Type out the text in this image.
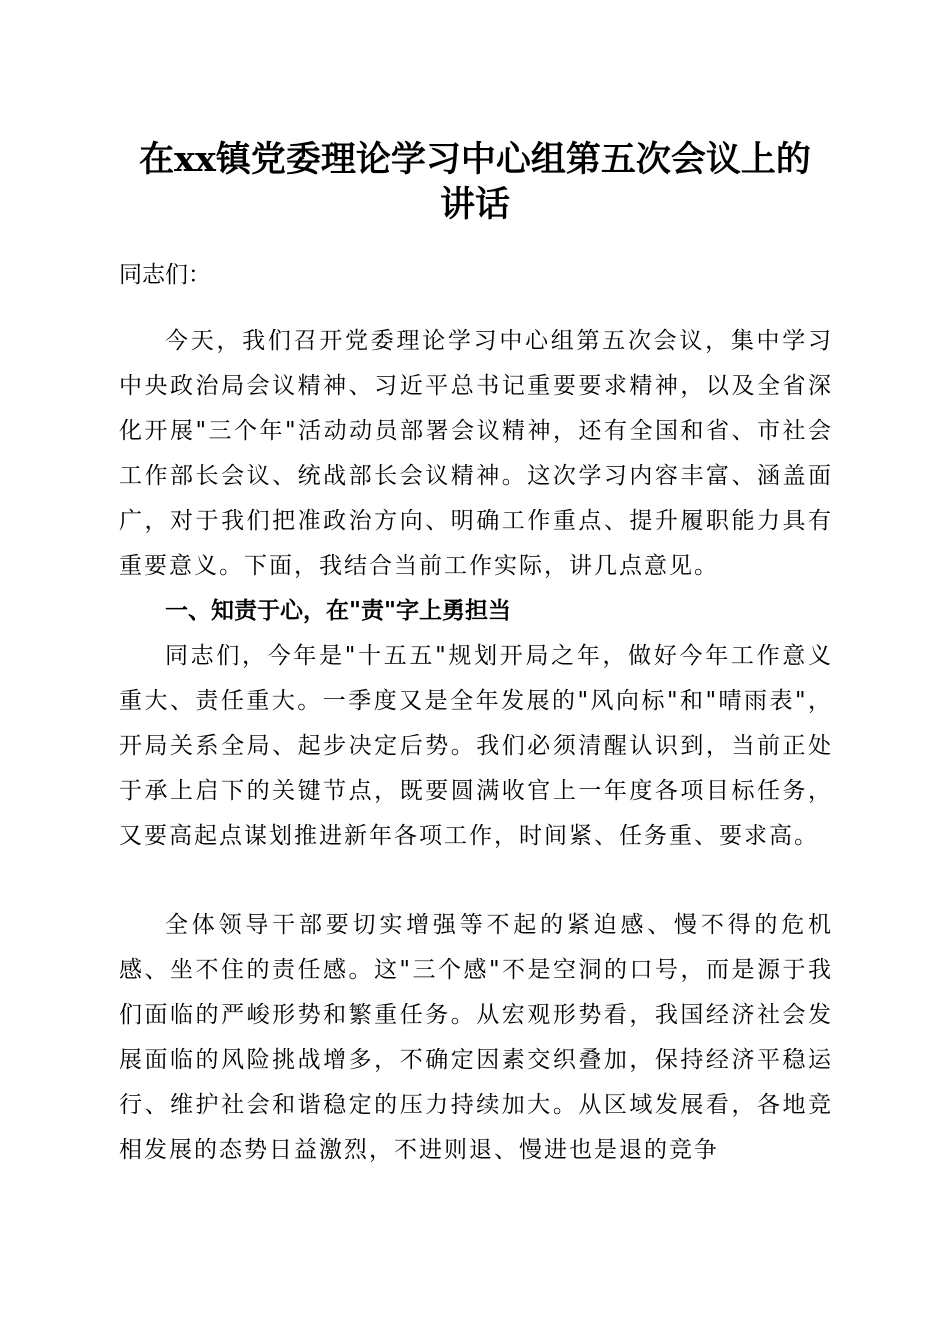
在xx镇党委理论学习中心组第五次会议上的
讲话

同志们：

今天，我们召开党委理论学习中心组第五次会议，集中学习中央政治局会议精神、习近平总书记重要要求精神，以及全省深化开展"三个年"活动动员部署会议精神，还有全国和省、市社会工作部长会议、统战部长会议精神。这次学习内容丰富、涵盖面广，对于我们把准政治方向、明确工作重点、提升履职能力具有重要意义。下面，我结合当前工作实际，讲几点意见。

一、知责于心，在"责"字上勇担当

同志们，今年是"十五五"规划开局之年，做好今年工作意义重大、责任重大。一季度又是全年发展的"风向标"和"晴雨表"，开局关系全局、起步决定后势。我们必须清醒认识到，当前正处于承上启下的关键节点，既要圆满收官上一年度各项目标任务，又要高起点谋划推进新年各项工作，时间紧、任务重、要求高。

全体领导干部要切实增强等不起的紧迫感、慢不得的危机感、坐不住的责任感。这"三个感"不是空洞的口号，而是源于我们面临的严峻形势和繁重任务。从宏观形势看，我国经济社会发展面临的风险挑战增多，不确定因素交织叠加，保持经济平稳运行、维护社会和谐稳定的压力持续加大。从区域发展看，各地竞相发展的态势日益激烈，不进则退、慢进也是退的竞争
